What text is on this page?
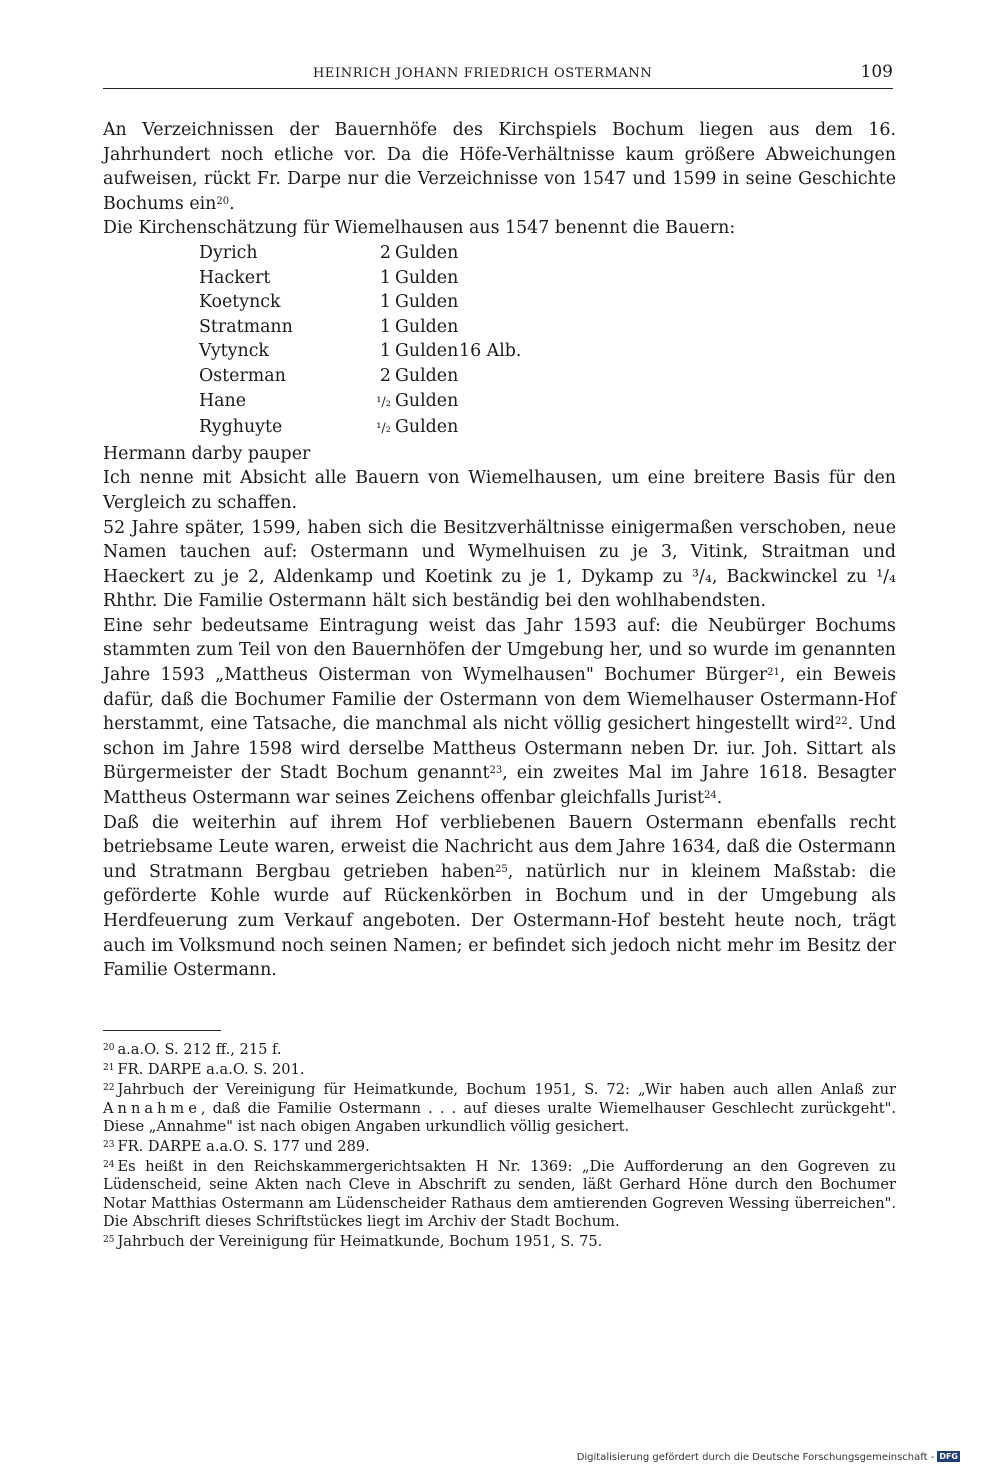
HEINRICH JOHANN FRIEDRICH OSTERMANN	109

An Verzeichnissen der Bauernhöfe des Kirchspiels Bochum liegen aus dem 16. Jahrhundert noch etliche vor. Da die Höfe-Verhältnisse kaum größere Abweichungen aufweisen, rückt Fr. Darpe nur die Verzeichnisse von 1547 und 1599 in seine Geschichte Bochums ein$^{20}$.

Die Kirchenschätzung für Wiemelhausen aus 1547 benennt die Bauern:

Dyrich	2 Gulden	
Hackert	1 Gulden	
Koetynck	1 Gulden	
Stratmann	1 Gulden	
Vytynck	1 Gulden	16 Alb.
Osterman	2 Gulden	
Hane	¹/₂ Gulden	
Ryghuyte	¹/₂ Gulden	

Hermann darby pauper

Ich nenne mit Absicht alle Bauern von Wiemelhausen, um eine breitere Basis für den Vergleich zu schaffen.

52 Jahre später, 1599, haben sich die Besitzverhältnisse einigermaßen verschoben, neue Namen tauchen auf: Ostermann und Wymelhuisen zu je 3, Vitink, Straitman und Haeckert zu je 2, Aldenkamp und Koetink zu je 1, Dykamp zu ³/₄, Backwinckel zu ¹/₄ Rhthr. Die Familie Ostermann hält sich beständig bei den wohlhabendsten.

Eine sehr bedeutsame Eintragung weist das Jahr 1593 auf: die Neubürger Bochums stammten zum Teil von den Bauernhöfen der Umgebung her, und so wurde im genannten Jahre 1593 „Mattheus Oisterman von Wymelhausen" Bochumer Bürger$^{21}$, ein Beweis dafür, daß die Bochumer Familie der Ostermann von dem Wiemelhauser Ostermann-Hof herstammt, eine Tatsache, die manchmal als nicht völlig gesichert hingestellt wird$^{22}$. Und schon im Jahre 1598 wird derselbe Mattheus Ostermann neben Dr. iur. Joh. Sittart als Bürgermeister der Stadt Bochum genannt$^{23}$, ein zweites Mal im Jahre 1618. Besagter Mattheus Ostermann war seines Zeichens offenbar gleichfalls Jurist$^{24}$.

Daß die weiterhin auf ihrem Hof verbliebenen Bauern Ostermann ebenfalls recht betriebsame Leute waren, erweist die Nachricht aus dem Jahre 1634, daß die Ostermann und Stratmann Bergbau getrieben haben$^{25}$, natürlich nur in kleinem Maßstab: die geförderte Kohle wurde auf Rückenkörben in Bochum und in der Umgebung als Herdfeuerung zum Verkauf angeboten. Der Ostermann-Hof besteht heute noch, trägt auch im Volksmund noch seinen Namen; er befindet sich jedoch nicht mehr im Besitz der Familie Ostermann.

$^{20}$ a.a.O. S. 212 ff., 215 f.

$^{21}$ FR. DARPE a.a.O. S. 201.

$^{22}$ Jahrbuch der Vereinigung für Heimatkunde, Bochum 1951, S. 72: „Wir haben auch allen Anlaß zur Annahme, daß die Familie Ostermann . . . auf dieses uralte Wiemelhauser Geschlecht zurückgeht". Diese „Annahme" ist nach obigen Angaben urkundlich völlig gesichert.

$^{23}$ FR. DARPE a.a.O. S. 177 und 289.

$^{24}$ Es heißt in den Reichskammergerichtsakten H Nr. 1369: „Die Aufforderung an den Gogreven zu Lüdenscheid, seine Akten nach Cleve in Abschrift zu senden, läßt Gerhard Höne durch den Bochumer Notar Matthias Ostermann am Lüdenscheider Rathaus dem amtierenden Gogreven Wessing überreichen". Die Abschrift dieses Schriftstückes liegt im Archiv der Stadt Bochum.

$^{25}$ Jahrbuch der Vereinigung für Heimatkunde, Bochum 1951, S. 75.

Digitalisierung gefördert durch die Deutsche Forschungsgemeinschaft - DFG
